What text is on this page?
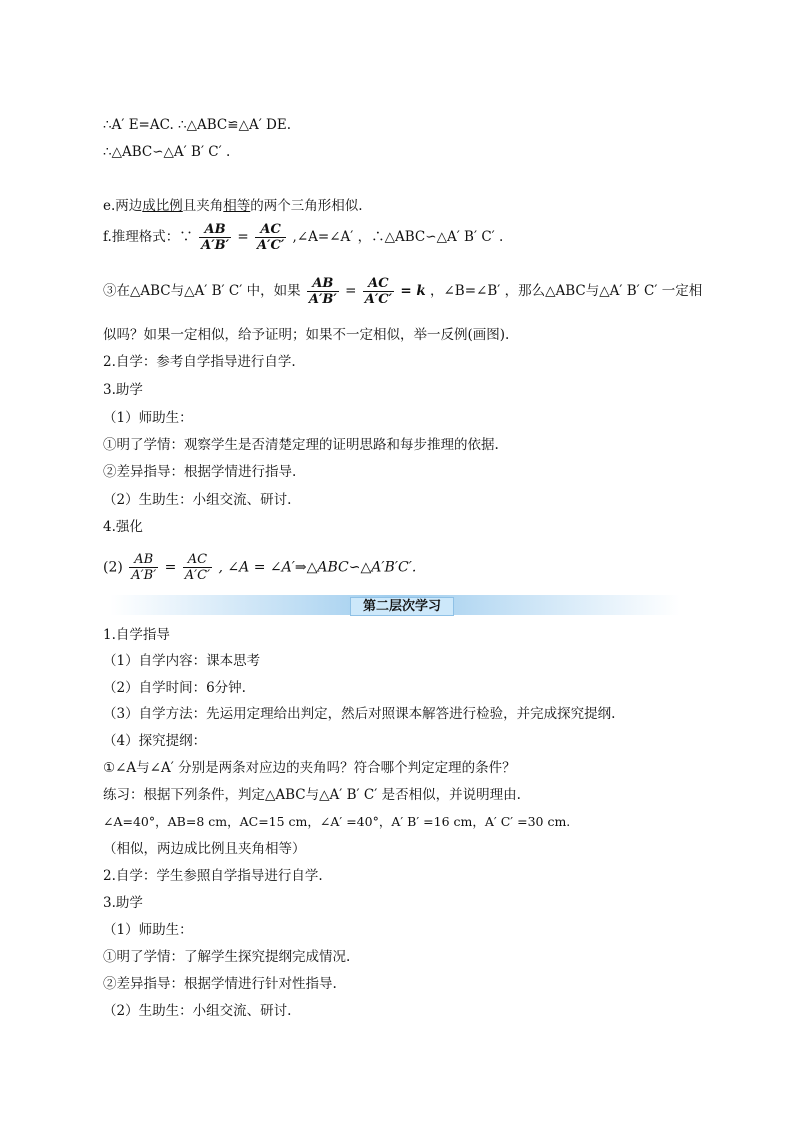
∴A′ E=AC. ∴△ABC≌△A′ DE.
∴△ABC∽△A′ B′ C′ .
e.两边成比例且夹角相等的两个三角形相似.
f.推理格式：∵ $\frac{AB}{A'B'} = \frac{AC}{A'C'}$ ,∠A=∠A′ ，∴△ABC∽△A′ B′ C′ .
③在△ABC与△A′ B′ C′ 中，如果 $\frac{AB}{A'B'} = \frac{AC}{A'C'} = k$ ，∠B=∠B′ ，那么△ABC与△A′ B′ C′ 一定相
似吗？如果一定相似，给予证明；如果不一定相似，举一反例(画图).
2.自学：参考自学指导进行自学.
3.助学
（1）师助生：
①明了学情：观察学生是否清楚定理的证明思路和每步推理的依据.
②差异指导：根据学情进行指导.
（2）生助生：小组交流、研讨.
4.强化
$(2) \frac{AB}{A'B'} = \frac{AC}{A'C'}$ , ∠A = ∠A′⇒△ABC∽△A′B′C′.
第二层次学习
1.自学指导
（1）自学内容：课本思考
（2）自学时间：6分钟.
（3）自学方法：先运用定理给出判定，然后对照课本解答进行检验，并完成探究提纲.
（4）探究提纲：
①∠A与∠A′ 分别是两条对应边的夹角吗？符合哪个判定定理的条件？
练习：根据下列条件，判定△ABC与△A′ B′ C′ 是否相似，并说明理由.
∠A=40°，AB=8 cm，AC=15 cm，∠A′ =40°，A′ B′ =16 cm，A′ C′ =30 cm.
（相似，两边成比例且夹角相等）
2.自学：学生参照自学指导进行自学.
3.助学
（1）师助生：
①明了学情：了解学生探究提纲完成情况.
②差异指导：根据学情进行针对性指导.
（2）生助生：小组交流、研讨.
